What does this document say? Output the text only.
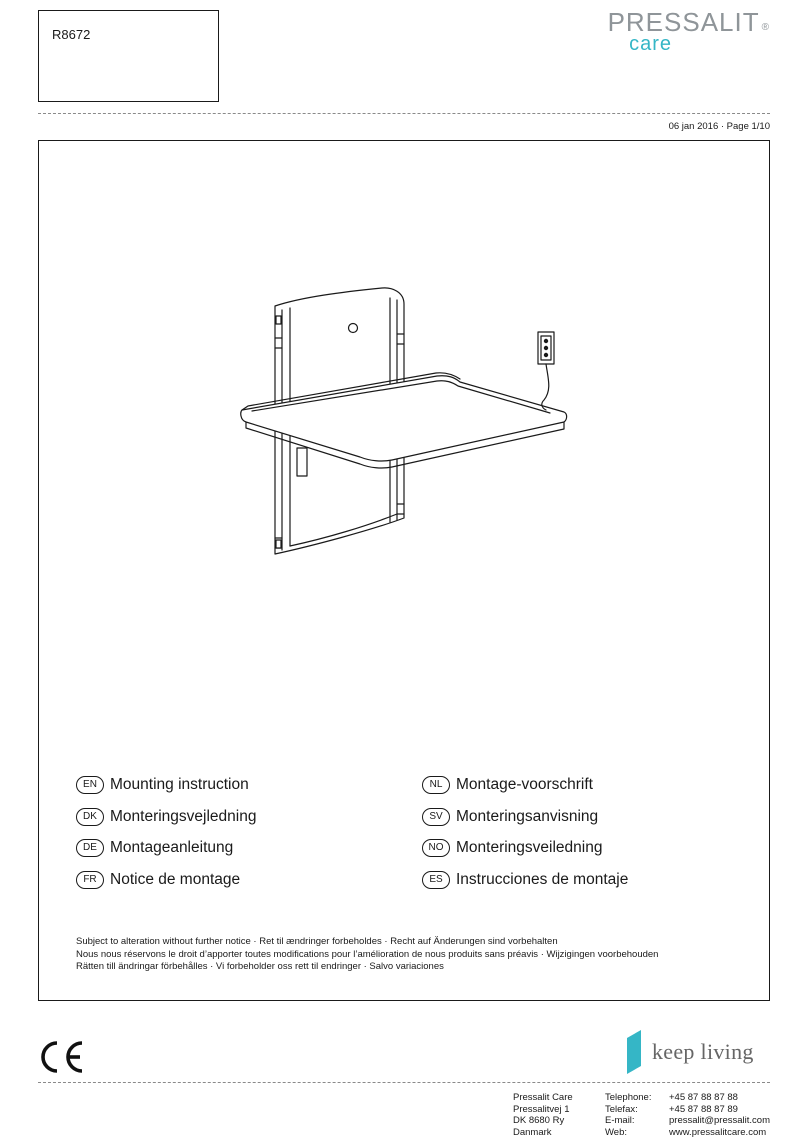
R8672	PRESSALIT ®
care
06 jan 2016 · Page 1/10
EN Mounting instruction
DK Monteringsvejledning
DE Montageanleitung
FR Notice de montage
NL Montage-voorschrift
SV Monteringsanvisning
NO Monteringsveiledning
ES Instrucciones de montaje
Subject to alteration without further notice · Ret til ændringer forbeholdes · Recht auf Änderungen sind vorbehalten
Nous nous réservons le droit d’apporter toutes modifications pour l’amélioration de nous produits sans préavis · Wijzigingen voorbehouden
Rätten till ändringar förbehålles · Vi forbeholder oss rett til endringer · Salvo variaciones
keep living
Pressalit Care
Pressalitvej 1
DK 8680 Ry
Danmark
Telephone:
Telefax:
E-mail:
Web:
+45 87 88 87 88
+45 87 88 87 89
pressalit@pressalit.com
www.pressalitcare.com
